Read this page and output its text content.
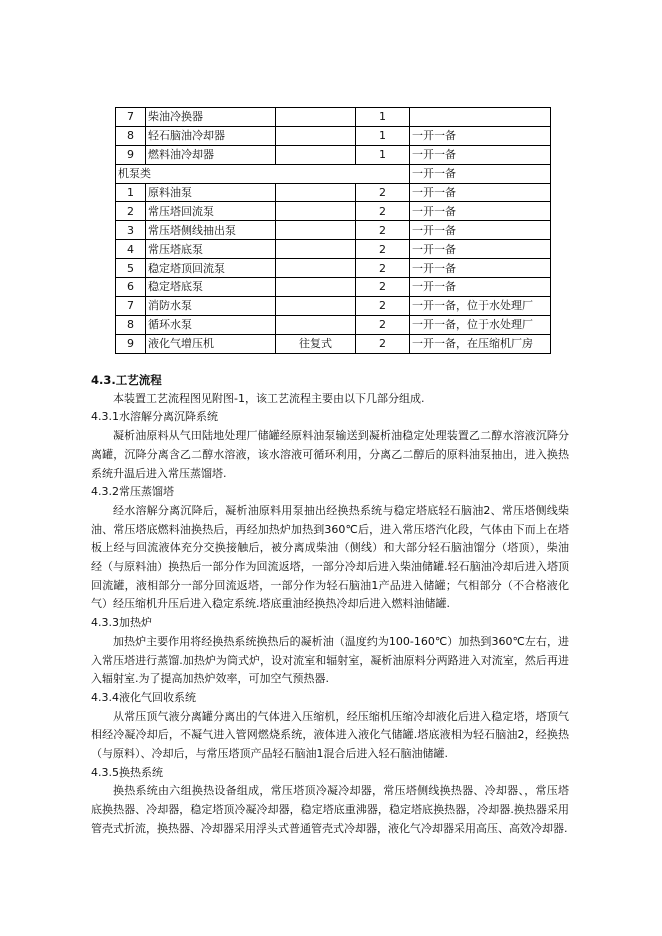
7	柴油冷换器		1	
8	轻石脑油冷却器		1	一开一备
9	燃料油冷却器		1	一开一备
机泵类				一开一备
1	原料油泵		2	一开一备
2	常压塔回流泵		2	一开一备
3	常压塔侧线抽出泵		2	一开一备
4	常压塔底泵		2	一开一备
5	稳定塔顶回流泵		2	一开一备
6	稳定塔底泵		2	一开一备
7	消防水泵		2	一开一备，位于水处理厂
8	循环水泵		2	一开一备，位于水处理厂
9	液化气增压机	往复式	2	一开一备，在压缩机厂房
4.3.工艺流程
本装置工艺流程图见附图-1，该工艺流程主要由以下几部分组成.
4.3.1水溶解分离沉降系统
凝析油原料从气田陆地处理厂储罐经原料油泵输送到凝析油稳定处理装置乙二醇水溶液沉降分离罐，沉降分离含乙二醇水溶液，该水溶液可循环利用，分离乙二醇后的原料油泵抽出，进入换热系统升温后进入常压蒸馏塔.
4.3.2常压蒸馏塔
经水溶解分离沉降后，凝析油原料用泵抽出经换热系统与稳定塔底轻石脑油2、常压塔侧线柴油、常压塔底燃料油换热后，再经加热炉加热到360℃后，进入常压塔汽化段，气体由下而上在塔板上经与回流液体充分交换接触后，被分离成柴油（侧线）和大部分轻石脑油馏分（塔顶），柴油经（与原料油）换热后一部分作为回流返塔，一部分冷却后进入柴油储罐.轻石脑油冷却后进入塔顶回流罐，液相部分一部分回流返塔，一部分作为轻石脑油1产品进入储罐；气相部分（不合格液化气）经压缩机升压后进入稳定系统.塔底重油经换热冷却后进入燃料油储罐.
4.3.3加热炉
加热炉主要作用将经换热系统换热后的凝析油（温度约为100-160℃）加热到360℃左右，进入常压塔进行蒸馏.加热炉为筒式炉，设对流室和辐射室，凝析油原料分两路进入对流室，然后再进入辐射室.为了提高加热炉效率，可加空气预热器.
4.3.4液化气回收系统
从常压顶气液分离罐分离出的气体进入压缩机，经压缩机压缩冷却液化后进入稳定塔，塔顶气相经冷凝冷却后，不凝气进入管网燃烧系统，液体进入液化气储罐.塔底液相为轻石脑油2，经换热（与原料）、冷却后，与常压塔顶产品轻石脑油1混合后进入轻石脑油储罐.
4.3.5换热系统
换热系统由六组换热设备组成，常压塔顶冷凝冷却器，常压塔侧线换热器、冷却器、，常压塔底换热器、冷却器，稳定塔顶冷凝冷却器，稳定塔底重沸器，稳定塔底换热器，冷却器.换热器采用管壳式折流，换热器、冷却器采用浮头式普通管壳式冷却器，液化气冷却器采用高压、高效冷却器.
